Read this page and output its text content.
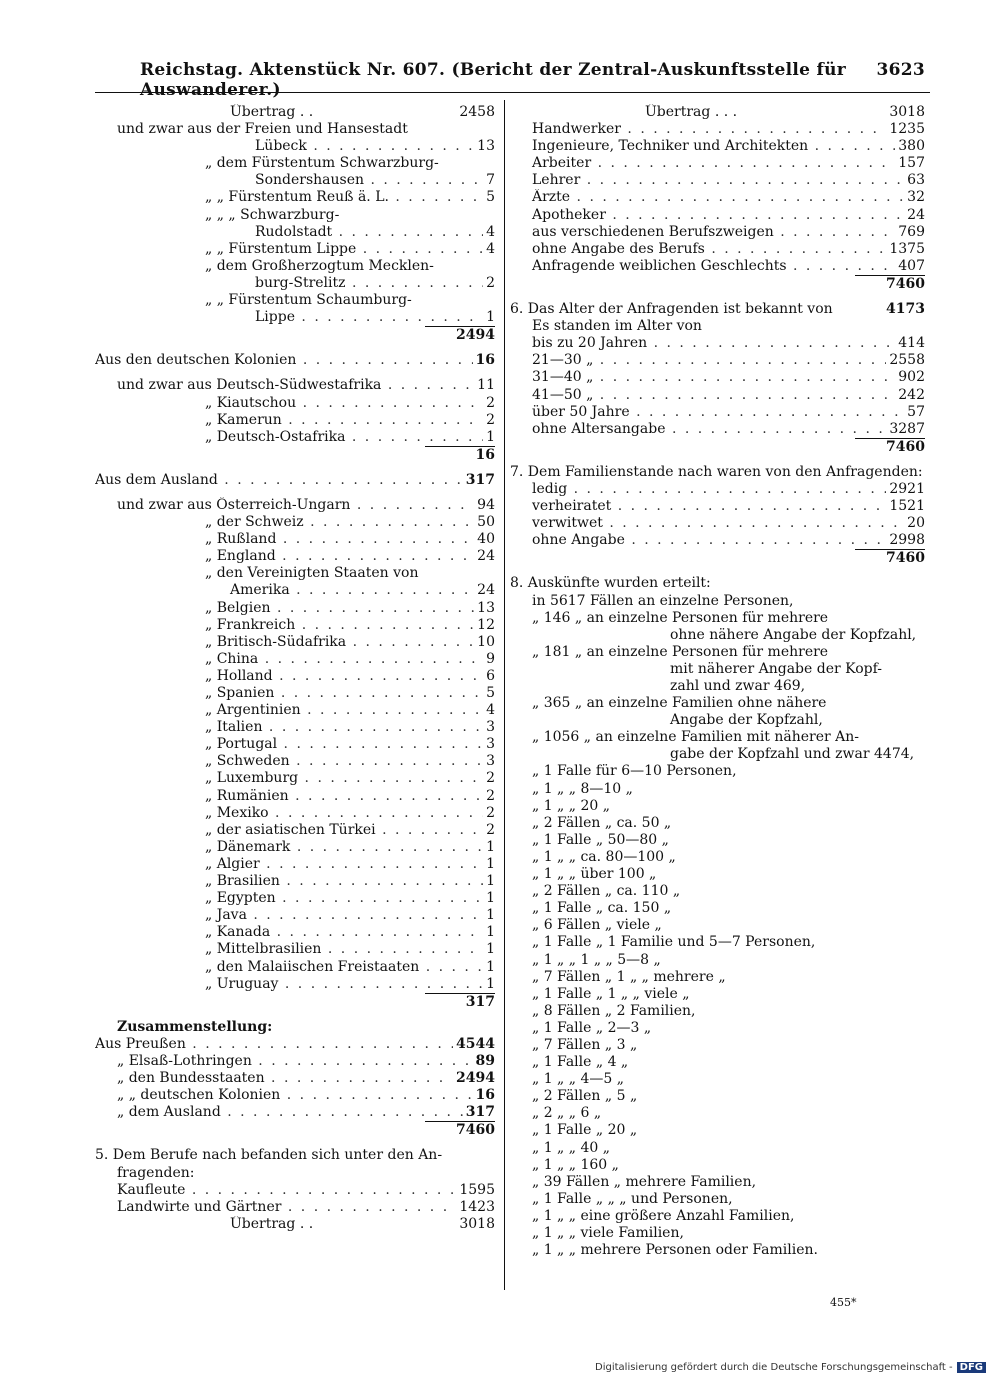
Reichstag. Aktenstück Nr. 607. (Bericht der Zentral-Auskunftsstelle für Auswanderer.)
3623
Übertrag . .	2458
und zwar aus der Freien und Hansestadt
Lübeck . . .	13
„ dem Fürstentum Schwarzburg-
Sondershausen . . .	7
„ „ Fürstentum Reuß ä. L. . . .	5
„ „ „ Schwarzburg-
Rudolstadt . . .	4
„ „ Fürstentum Lippe . . .	4
„ dem Großherzogtum Mecklen-
burg-Strelitz . . .	2
„ „ Fürstentum Schaumburg-
Lippe . . .	1
2494
Aus den deutschen Kolonien . . .	16
und zwar aus Deutsch-Südwestafrika . . .	11
„ Kiautschou . . .	2
„ Kamerun . . .	2
„ Deutsch-Ostafrika . . .	1
16
Aus dem Ausland . . .	317
und zwar aus Österreich-Ungarn . . .	94
„ der Schweiz . . .	50
„ Rußland . . .	40
„ England . . .	24
„ den Vereinigten Staaten von
Amerika . . .	24
„ Belgien . . .	13
„ Frankreich . . .	12
„ Britisch-Südafrika . . .	10
„ China . . .	9
„ Holland . . .	6
„ Spanien . . .	5
„ Argentinien . . .	4
„ Italien . . .	3
„ Portugal . . .	3
„ Schweden . . .	3
„ Luxemburg . . .	2
„ Rumänien . . .	2
„ Mexiko . . .	2
„ der asiatischen Türkei . . .	2
„ Dänemark . . .	1
„ Algier . . .	1
„ Brasilien . . .	1
„ Egypten . . .	1
„ Java . . .	1
„ Kanada . . .	1
„ Mittelbrasilien . . .	1
„ den Malaiischen Freistaaten . . .	1
„ Uruguay . . .	1
317
Zusammenstellung:
Aus Preußen . . .	4544
„ Elsaß-Lothringen . . .	89
„ den Bundesstaaten . . .	2494
„ „ deutschen Kolonien . . .	16
„ dem Ausland . . .	317
7460
5. Dem Berufe nach befanden sich unter den An-
fragenden:
Kaufleute . . .	1595
Landwirte und Gärtner . . .	1423
Übertrag . .	3018
Übertrag . . .	3018
Handwerker . . .	1235
Ingenieure, Techniker und Architekten . . .	380
Arbeiter . . .	157
Lehrer . . .	63
Ärzte . . .	32
Apotheker . . .	24
aus verschiedenen Berufszweigen . . .	769
ohne Angabe des Berufs . . .	1375
Anfragende weiblichen Geschlechts . . .	407
7460
6. Das Alter der Anfragenden ist bekannt von	4173
Es standen im Alter von
bis zu 20 Jahren . . .	414
21—30 „ . . .	2558
31—40 „ . . .	902
41—50 „ . . .	242
über 50 Jahre . . .	57
ohne Altersangabe . . .	3287
7460
7. Dem Familienstande nach waren von den Anfragenden:
ledig . . .	2921
verheiratet . . .	1521
verwitwet . . .	20
ohne Angabe . . .	2998
7460
8. Auskünfte wurden erteilt:
in 5617 Fällen an einzelne Personen,
„ 146 „ an einzelne Personen für mehrere
ohne nähere Angabe der Kopfzahl,
„ 181 „ an einzelne Personen für mehrere
mit näherer Angabe der Kopf-
zahl und zwar 469,
„ 365 „ an einzelne Familien ohne nähere
Angabe der Kopfzahl,
„ 1056 „ an einzelne Familien mit näherer An-
gabe der Kopfzahl und zwar 4474,
„ 1 Falle für 6—10 Personen,
„ 1 „ „ 8—10 „
„ 1 „ „ 20 „
„ 2 Fällen „ ca. 50 „
„ 1 Falle „ 50—80 „
„ 1 „ „ ca. 80—100 „
„ 1 „ „ über 100 „
„ 2 Fällen „ ca. 110 „
„ 1 Falle „ ca. 150 „
„ 6 Fällen „ viele „
„ 1 Falle „ 1 Familie und 5—7 Personen,
„ 1 „ „ 1 „ „ 5—8 „
„ 7 Fällen „ 1 „ „ mehrere „
„ 1 Falle „ 1 „ „ viele „
„ 8 Fällen „ 2 Familien,
„ 1 Falle „ 2—3 „
„ 7 Fällen „ 3 „
„ 1 Falle „ 4 „
„ 1 „ „ 4—5 „
„ 2 Fällen „ 5 „
„ 2 „ „ 6 „
„ 1 Falle „ 20 „
„ 1 „ „ 40 „
„ 1 „ „ 160 „
„ 39 Fällen „ mehrere Familien,
„ 1 Falle „ „ „ und Personen,
„ 1 „ „ eine größere Anzahl Familien,
„ 1 „ „ viele Familien,
„ 1 „ „ mehrere Personen oder Familien.
455*
Digitalisierung gefördert durch die Deutsche Forschungsgemeinschaft - DFG
